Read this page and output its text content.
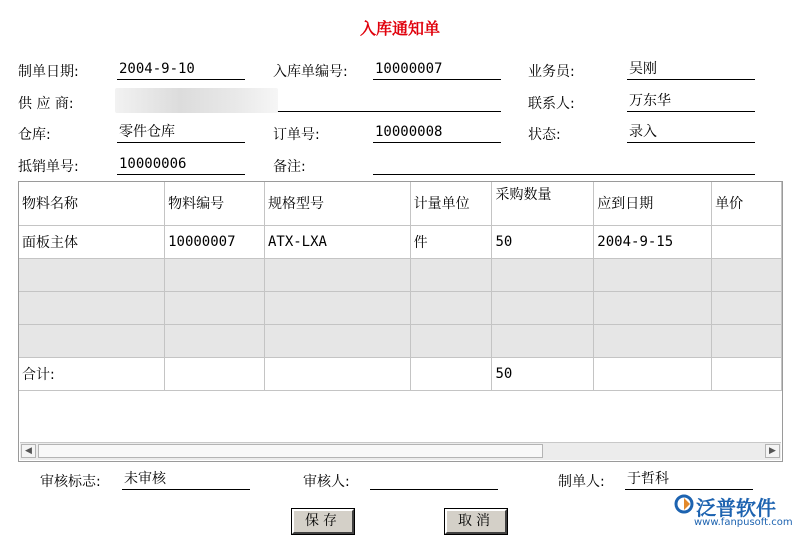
入库通知单
制单日期:	2004-9-10	入库单编号: 10000007	业务员:	吴刚
供 应 商:	联系人:	万东华
仓库:	零件仓库	订单号:	10000008	状态:	录入
抵销单号:	10000006	备注:
物料名称	物料编号	规格型号	计量单位	采购数量	应到日期	单价
面板主体	10000007	ATX-LXA	件	50	2004-9-15	

合计:				50		
◀	▶
审核标志: 未审核	审核人:	制单人: 于哲科
保存	取消
泛普软件
www.fanpusoft.com
